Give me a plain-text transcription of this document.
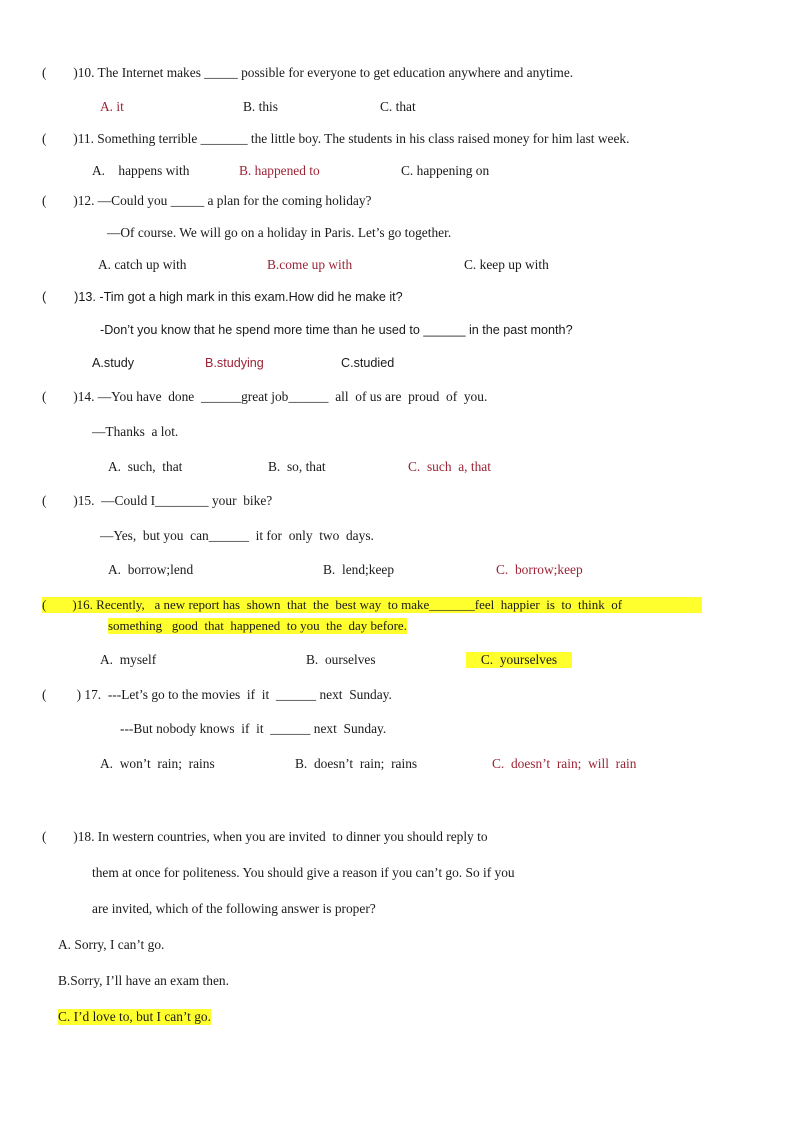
(        )10. The Internet makes _____ possible for everyone to get education anywhere and anytime.
A. it	B. this	C. that
(        )11. Something terrible _______ the little boy. The students in his class raised money for him last week.
A.    happens with	B. happened to	C. happening on
(        )12. —Could you _____ a plan for the coming holiday?
—Of course. We will go on a holiday in Paris. Let’s go together.
A. catch up with	B.come up with	C. keep up with
(        )13. -Tim got a high mark in this exam.How did he make it?
-Don’t you know that he spend more time than he used to ______ in the past month?
A.study	B.studying	C.studied
(        )14. —You have  done  ______great job______  all  of us are  proud  of  you.
—Thanks  a lot.
A.  such,  that	B.  so, that	C.  such  a, that
(        )15.  —Could I________ your  bike?
—Yes,  but you  can______  it for  only  two  days.
A.  borrow;lend	B.  lend;keep	C.  borrow;keep
(        )16. Recently,   a new report has  shown  that  the  best way  to make_______feel  happier  is  to  think  of
something   good  that  happened  to you  the  day before.
A.  myself	B.  ourselves	C.  yourselves
(         ) 17.  ---Let’s go to the movies  if  it  ______ next  Sunday.
---But nobody knows  if  it  ______ next  Sunday.
A.  won’t  rain;  rains	B.  doesn’t  rain;  rains	C.  doesn’t  rain;  will  rain
(        )18. In western countries, when you are invited  to dinner you should reply to
them at once for politeness. You should give a reason if you can’t go. So if you
are invited, which of the following answer is proper?
A. Sorry, I can’t go.
B.Sorry, I’ll have an exam then.
C. I’d love to, but I can’t go.
